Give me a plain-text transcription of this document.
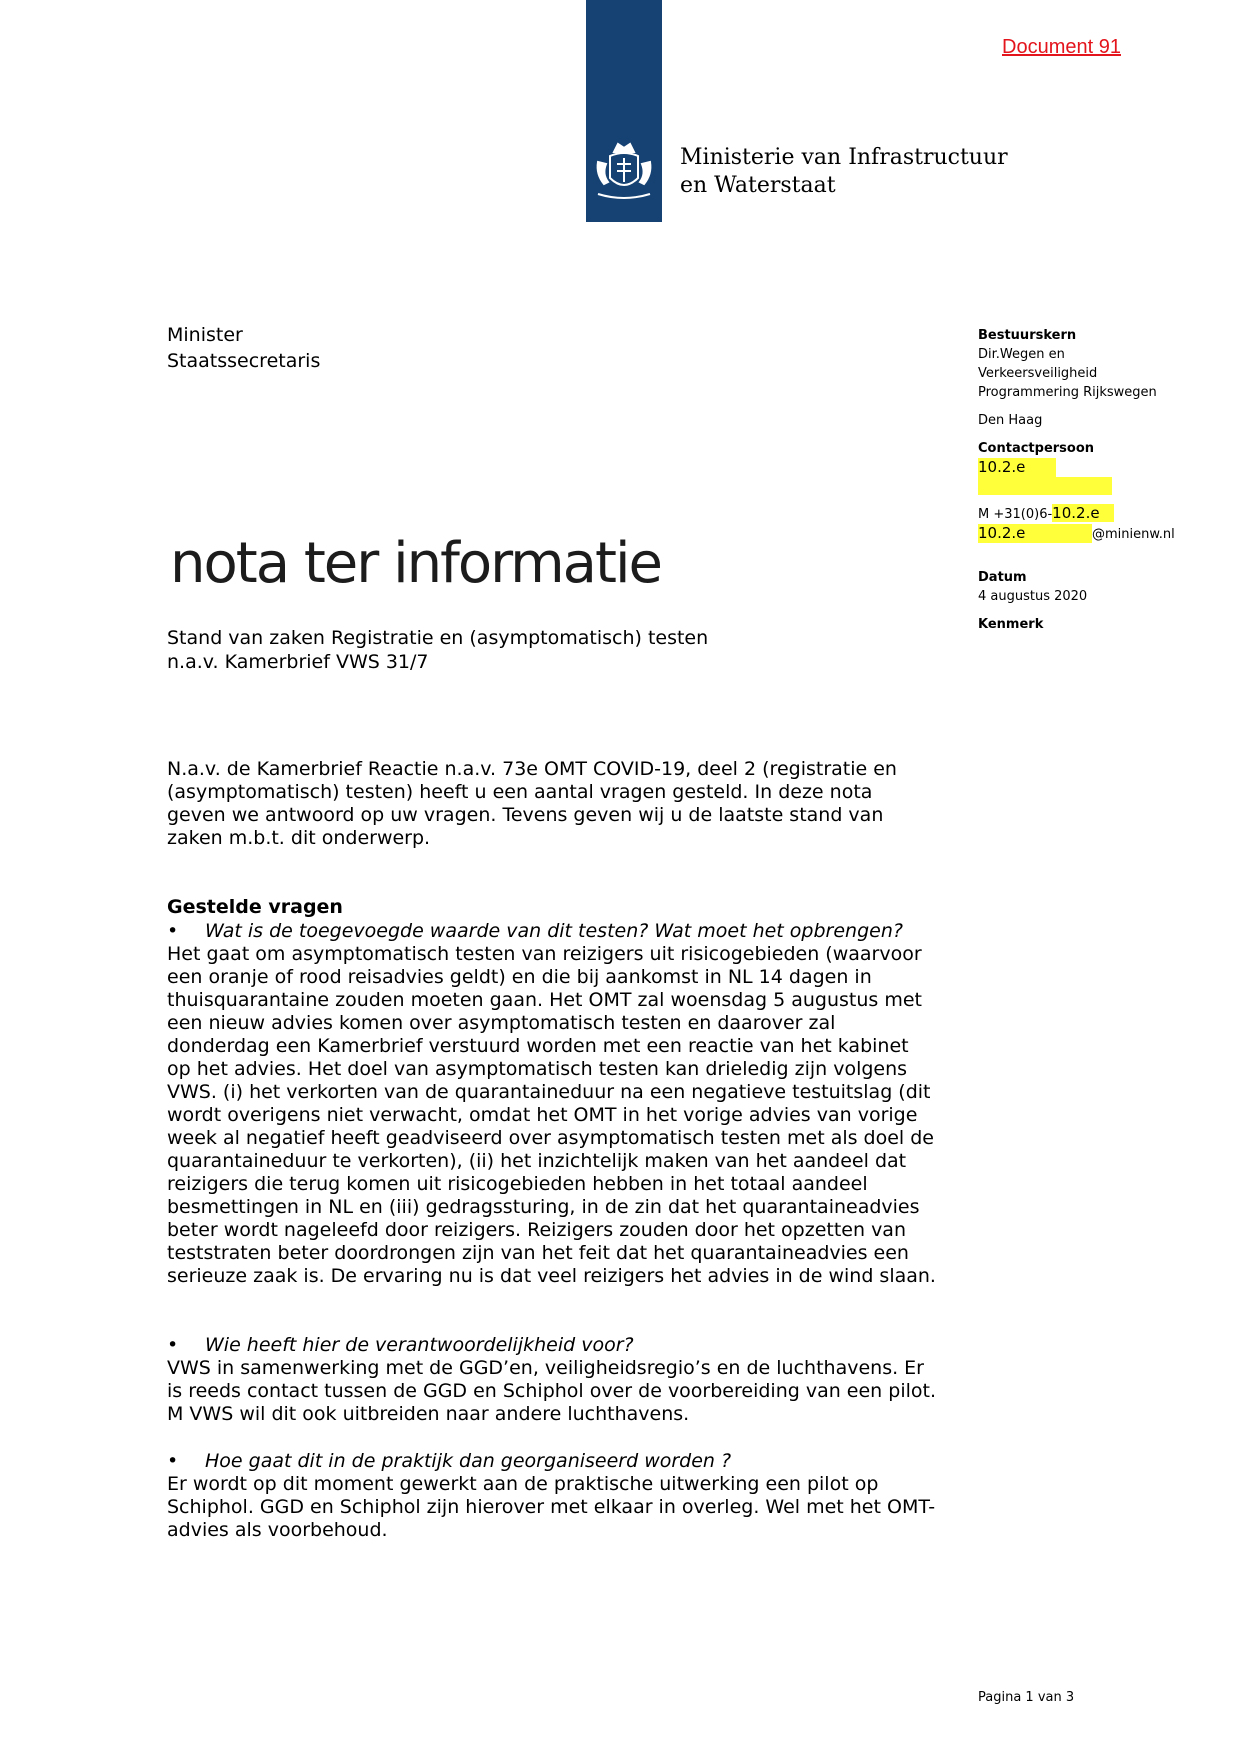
Document 91
Ministerie van Infrastructuur
en Waterstaat
Minister
Staatssecretaris
nota ter informatie
Stand van zaken Registratie en (asymptomatisch) testen
n.a.v. Kamerbrief VWS 31/7

N.a.v. de Kamerbrief Reactie n.a.v. 73e OMT COVID-19, deel 2 (registratie en (asymptomatisch) testen) heeft u een aantal vragen gesteld. In deze nota geven we antwoord op uw vragen. Tevens geven wij u de laatste stand van zaken m.b.t. dit onderwerp.

Gestelde vragen
•	Wat is de toegevoegde waarde van dit testen? Wat moet het opbrengen?

Het gaat om asymptomatisch testen van reizigers uit risicogebieden (waarvoor een oranje of rood reisadvies geldt) en die bij aankomst in NL 14 dagen in thuisquarantaine zouden moeten gaan. Het OMT zal woensdag 5 augustus met een nieuw advies komen over asymptomatisch testen en daarover zal donderdag een Kamerbrief verstuurd worden met een reactie van het kabinet op het advies. Het doel van asymptomatisch testen kan drieledig zijn volgens VWS. (i) het verkorten van de quarantaineduur na een negatieve testuitslag (dit wordt overigens niet verwacht, omdat het OMT in het vorige advies van vorige week al negatief heeft geadviseerd over asymptomatisch testen met als doel de quarantaineduur te verkorten), (ii) het inzichtelijk maken van het aandeel dat reizigers die terug komen uit risicogebieden hebben in het totaal aandeel besmettingen in NL en (iii) gedragssturing, in de zin dat het quarantaineadvies beter wordt nageleefd door reizigers. Reizigers zouden door het opzetten van teststraten beter doordrongen zijn van het feit dat het quarantaineadvies een serieuze zaak is. De ervaring nu is dat veel reizigers het advies in de wind slaan.

•	Wie heeft hier de verantwoordelijkheid voor?

VWS in samenwerking met de GGD’en, veiligheidsregio’s en de luchthavens. Er is reeds contact tussen de GGD en Schiphol over de voorbereiding van een pilot. M VWS wil dit ook uitbreiden naar andere luchthavens.

•	Hoe gaat dit in de praktijk dan georganiseerd worden ?

Er wordt op dit moment gewerkt aan de praktische uitwerking een pilot op Schiphol. GGD en Schiphol zijn hierover met elkaar in overleg. Wel met het OMT-advies als voorbehoud.

Bestuurskern
Dir.Wegen en
Verkeersveiligheid
Programmering Rijkswegen
Den Haag
Contactpersoon
10.2.e
M +31(0)6-10.2.e
10.2.e	@minienw.nl
Datum
4 augustus 2020
Kenmerk
Pagina 1 van 3
